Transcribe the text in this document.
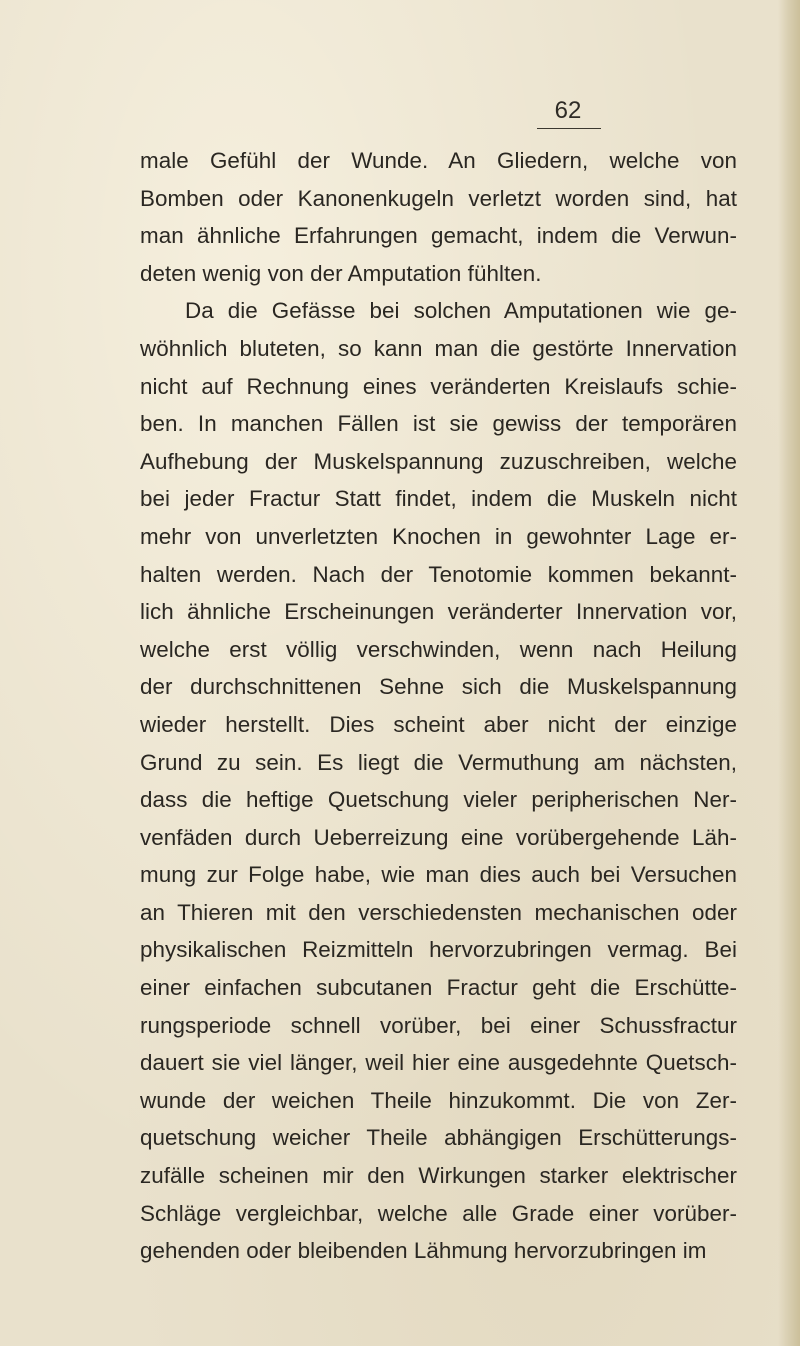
62

male Gefühl der Wunde. An Gliedern, welche von
Bomben oder Kanonenkugeln verletzt worden sind, hat
man ähnliche Erfahrungen gemacht, indem die Verwun-
deten wenig von der Amputation fühlten.
Da die Gefässe bei solchen Amputationen wie ge-
wöhnlich bluteten, so kann man die gestörte Innervation
nicht auf Rechnung eines veränderten Kreislaufs schie-
ben. In manchen Fällen ist sie gewiss der temporären
Aufhebung der Muskelspannung zuzuschreiben, welche
bei jeder Fractur Statt findet, indem die Muskeln nicht
mehr von unverletzten Knochen in gewohnter Lage er-
halten werden. Nach der Tenotomie kommen bekannt-
lich ähnliche Erscheinungen veränderter Innervation vor,
welche erst völlig verschwinden, wenn nach Heilung
der durchschnittenen Sehne sich die Muskelspannung
wieder herstellt. Dies scheint aber nicht der einzige
Grund zu sein. Es liegt die Vermuthung am nächsten,
dass die heftige Quetschung vieler peripherischen Ner-
venfäden durch Ueberreizung eine vorübergehende Läh-
mung zur Folge habe, wie man dies auch bei Versuchen
an Thieren mit den verschiedensten mechanischen oder
physikalischen Reizmitteln hervorzubringen vermag. Bei
einer einfachen subcutanen Fractur geht die Erschütte-
rungsperiode schnell vorüber, bei einer Schussfractur
dauert sie viel länger, weil hier eine ausgedehnte Quetsch-
wunde der weichen Theile hinzukommt. Die von Zer-
quetschung weicher Theile abhängigen Erschütterungs-
zufälle scheinen mir den Wirkungen starker elektrischer
Schläge vergleichbar, welche alle Grade einer vorüber-
gehenden oder bleibenden Lähmung hervorzubringen im
